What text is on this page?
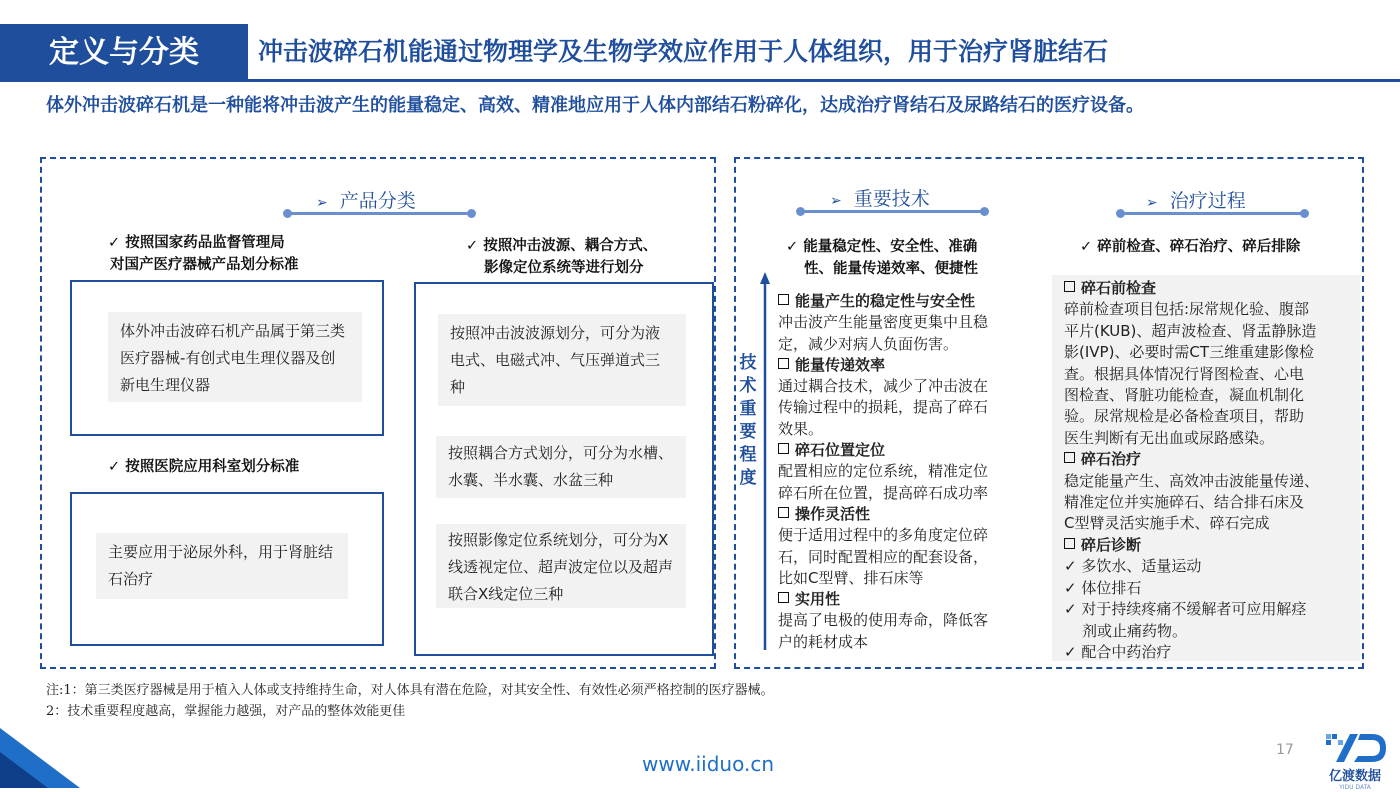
定义与分类	冲击波碎石机能通过物理学及生物学效应作用于人体组织，用于治疗肾脏结石
体外冲击波碎石机是一种能将冲击波产生的能量稳定、高效、精准地应用于人体内部结石粉碎化，达成治疗肾结石及尿路结石的医疗设备。
➢ 产品分类
✓ 按照国家药品监督管理局
对国产医疗器械产品划分标准
体外冲击波碎石机产品属于第三类医疗器械-有创式电生理仪器及创新电生理仪器
✓ 按照医院应用科室划分标准
主要应用于泌尿外科，用于肾脏结石治疗
✓ 按照冲击波源、耦合方式、
影像定位系统等进行划分
按照冲击波波源划分，可分为液电式、电磁式冲、气压弹道式三种
按照耦合方式划分，可分为水槽、水囊、半水囊、水盆三种
按照影像定位系统划分，可分为X线透视定位、超声波定位以及超声联合X线定位三种
➢ 重要技术	➢ 治疗过程
✓ 能量稳定性、安全性、准确
性、能量传递效率、便捷性
✓ 碎前检查、碎石治疗、碎后排除
技术重要程度
能量产生的稳定性与安全性
冲击波产生能量密度更集中且稳
定，减少对病人负面伤害。
能量传递效率
通过耦合技术，减少了冲击波在
传输过程中的损耗，提高了碎石
效果。
碎石位置定位
配置相应的定位系统，精准定位
碎石所在位置，提高碎石成功率
操作灵活性
便于适用过程中的多角度定位碎
石，同时配置相应的配套设备，
比如C型臂、排石床等
实用性
提高了电极的使用寿命，降低客
户的耗材成本
碎石前检查
碎前检查项目包括:尿常规化验、腹部
平片(KUB)、超声波检查、肾盂静脉造
影(IVP)、必要时需CT三维重建影像检
查。根据具体情况行肾图检查、心电
图检查、肾脏功能检查，凝血机制化
验。尿常规检是必备检查项目，帮助
医生判断有无出血或尿路感染。
碎石治疗
稳定能量产生、高效冲击波能量传递、
精准定位并实施碎石、结合排石床及
C型臂灵活实施手术、碎石完成
碎后诊断
✓ 多饮水、适量运动
✓ 体位排石
✓ 对于持续疼痛不缓解者可应用解痉
剂或止痛药物。
✓ 配合中药治疗
注:1：第三类医疗器械是用于植入人体或支持维持生命，对人体具有潜在危险，对其安全性、有效性必须严格控制的医疗器械。
2：技术重要程度越高，掌握能力越强，对产品的整体效能更佳
www.iiduo.cn
17
亿渡数据
YIDU DATA
